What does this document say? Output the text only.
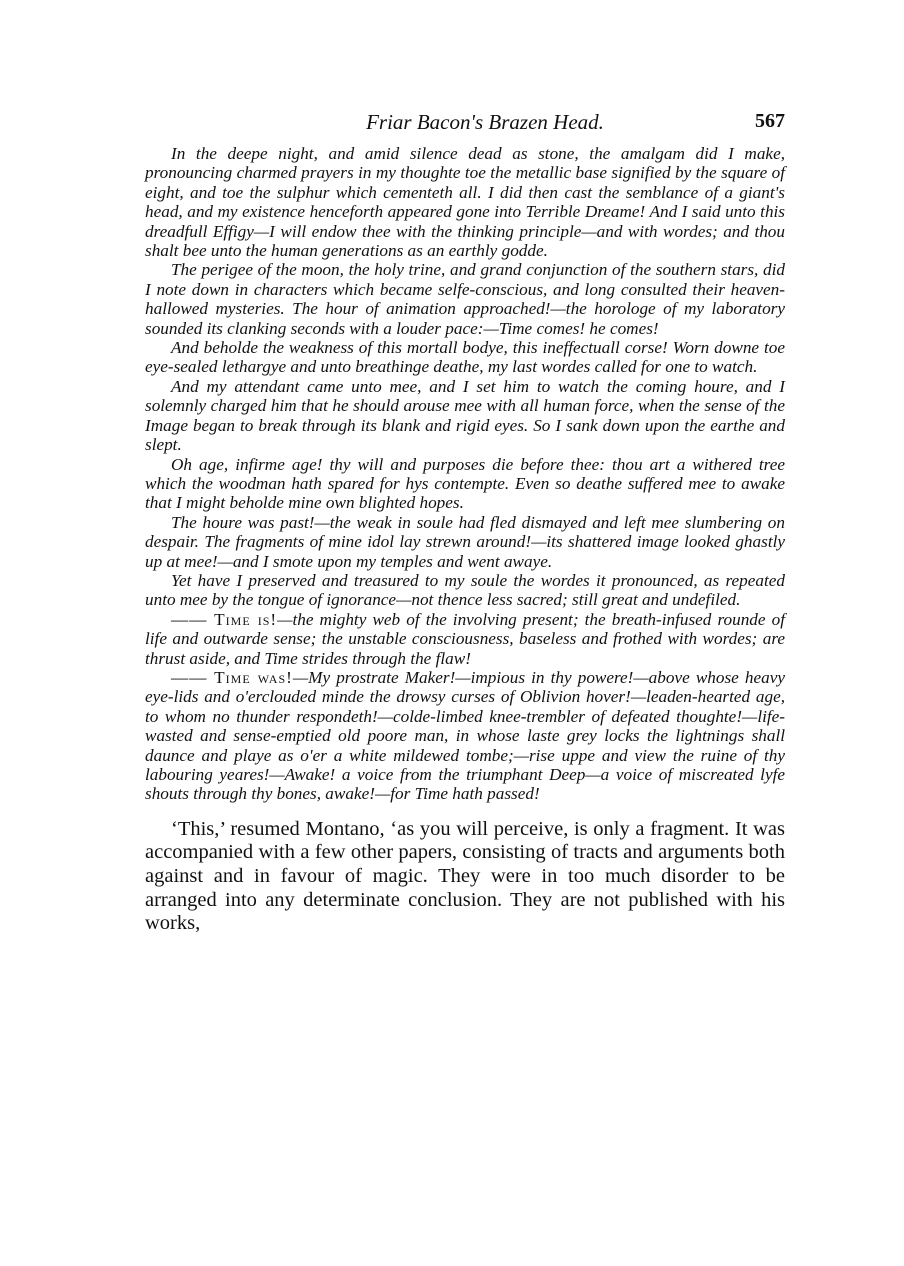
Friar Bacon's Brazen Head.	567

In the deepe night, and amid silence dead as stone, the amalgam did I make, pronouncing charmed prayers in my thoughte toe the metallic base signified by the square of eight, and toe the sulphur which cementeth all. I did then cast the semblance of a giant's head, and my existence henceforth appeared gone into Terrible Dreame! And I said unto this dreadfull Effigy—I will endow thee with the thinking principle—and with wordes; and thou shalt bee unto the human generations as an earthly godde.

The perigee of the moon, the holy trine, and grand conjunction of the southern stars, did I note down in characters which became selfe-conscious, and long consulted their heaven-hallowed mysteries. The hour of animation approached!—the horologe of my laboratory sounded its clanking seconds with a louder pace:—Time comes! he comes!

And beholde the weakness of this mortall bodye, this ineffectuall corse! Worn downe toe eye-sealed lethargye and unto breathinge deathe, my last wordes called for one to watch.

And my attendant came unto mee, and I set him to watch the coming houre, and I solemnly charged him that he should arouse mee with all human force, when the sense of the Image began to break through its blank and rigid eyes. So I sank down upon the earthe and slept.

Oh age, infirme age! thy will and purposes die before thee: thou art a withered tree which the woodman hath spared for hys contempte. Even so deathe suffered mee to awake that I might beholde mine own blighted hopes.

The houre was past!—the weak in soule had fled dismayed and left mee slumbering on despair. The fragments of mine idol lay strewn around!—its shattered image looked ghastly up at mee!—and I smote upon my temples and went awaye.

Yet have I preserved and treasured to my soule the wordes it pronounced, as repeated unto mee by the tongue of ignorance—not thence less sacred; still great and undefiled.

—— Time is!—the mighty web of the involving present; the breath-infused rounde of life and outwarde sense; the unstable consciousness, baseless and frothed with wordes; are thrust aside, and Time strides through the flaw!

—— Time was!—My prostrate Maker!—impious in thy powere!—above whose heavy eye-lids and o'erclouded minde the drowsy curses of Oblivion hover!—leaden-hearted age, to whom no thunder respondeth!—colde-limbed knee-trembler of defeated thoughte!—life-wasted and sense-emptied old poore man, in whose laste grey locks the lightnings shall daunce and playe as o'er a white mildewed tombe;—rise uppe and view the ruine of thy labouring yeares!—Awake! a voice from the triumphant Deep—a voice of miscreated lyfe shouts through thy bones, awake!—for Time hath passed!

‘This,’ resumed Montano, ‘as you will perceive, is only a fragment. It was accompanied with a few other papers, consisting of tracts and arguments both against and in favour of magic. They were in too much disorder to be arranged into any determinate conclusion. They are not published with his works,
